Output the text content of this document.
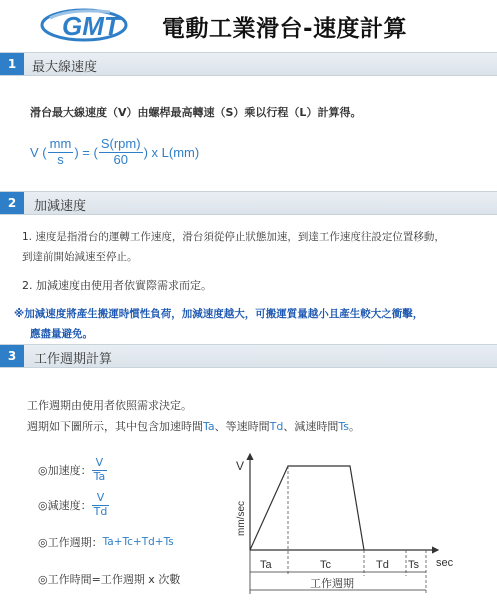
GMT 電動工業滑台-速度計算
1	最大線速度
滑台最大線速度（V）由螺桿最高轉速（S）乘以行程（L）計算得。
V ( $\frac{mm}{s}$ ) = ( $\frac{\text{S(rpm)}}{60}$ ) x L(mm)
2	加減速度
1. 速度是指滑台的運轉工作速度，滑台須從停止狀態加速，到達工作速度往設定位置移動，
到達前開始減速至停止。
2. 加減速度由使用者依實際需求而定。
※加減速度將產生搬運時慣性負荷，加減速度越大，可搬運質量越小且產生較大之衝擊，
應盡量避免。
3	工作週期計算
工作週期由使用者依照需求決定。
週期如下圖所示，其中包含加速時間Ta、等速時間Td、減速時間Ts。
◎加速度： $\frac{V}{Ta}$
◎減速度： $\frac{V}{Td}$
◎工作週期：Ta+Tc+Td+Ts
◎工作時間=工作週期 x 次數
V
mm/sec
sec
Ta	Tc	Td Ts
工作週期
